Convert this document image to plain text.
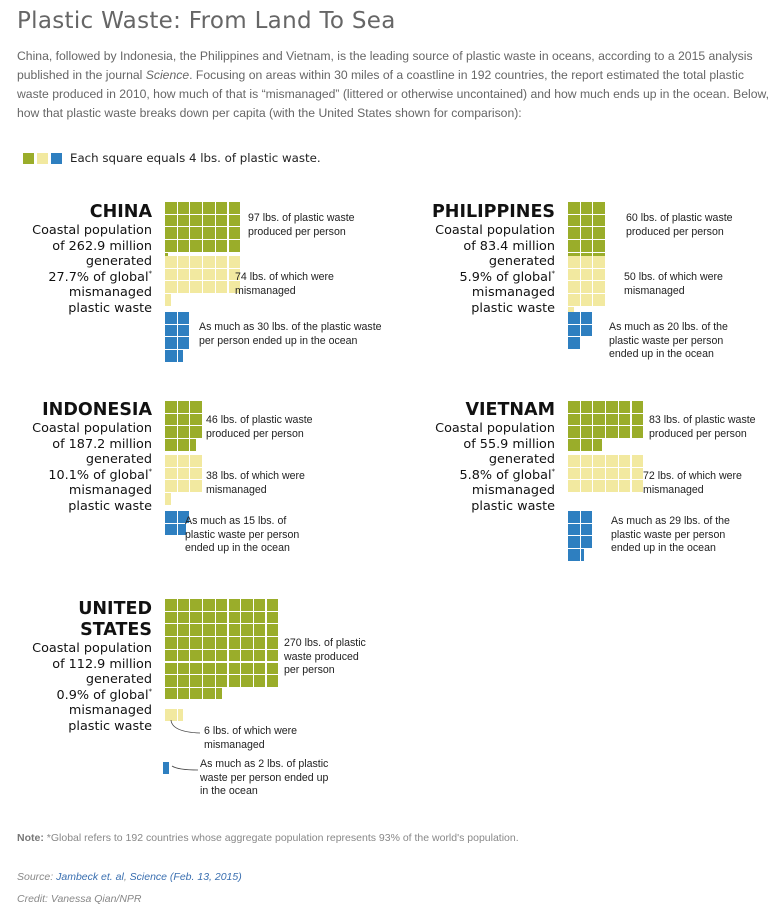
Plastic Waste: From Land To Sea

China, followed by Indonesia, the Philippines and Vietnam, is the leading source of plastic waste in oceans, according to a 2015 analysis published in the journal Science. Focusing on areas within 30 miles of a coastline in 192 countries, the report estimated the total plastic waste produced in 2010, how much of that is “mismanaged” (littered or otherwise uncontained) and how much ends up in the ocean. Below, how that plastic waste breaks down per capita (with the United States shown for comparison):

Each square equals 4 lbs. of plastic waste.
CHINA
Coastal population
of 262.9 million
generated
27.7% of global*
mismanaged
plastic waste
97 lbs. of plastic waste
produced per person
74 lbs. of which were
mismanaged
As much as 30 lbs. of the plastic waste
per person ended up in the ocean
PHILIPPINES
Coastal population
of 83.4 million
generated
5.9% of global*
mismanaged
plastic waste
60 lbs. of plastic waste
produced per person
50 lbs. of which were
mismanaged
As much as 20 lbs. of the
plastic waste per person
ended up in the ocean
INDONESIA
Coastal population
of 187.2 million
generated
10.1% of global*
mismanaged
plastic waste
46 lbs. of plastic waste
produced per person
38 lbs. of which were
mismanaged
As much as 15 lbs. of
plastic waste per person
ended up in the ocean
VIETNAM
Coastal population
of 55.9 million
generated
5.8% of global*
mismanaged
plastic waste
83 lbs. of plastic waste
produced per person
72 lbs. of which were
mismanaged
As much as 29 lbs. of the
plastic waste per person
ended up in the ocean
UNITED
STATES
Coastal population
of 112.9 million
generated
0.9% of global*
mismanaged
plastic waste
270 lbs. of plastic
waste produced
per person
6 lbs. of which were
mismanaged
As much as 2 lbs. of plastic
waste per person ended up
in the ocean
Note: *Global refers to 192 countries whose aggregate population represents 93% of the world's population.
Source: Jambeck et. al, Science (Feb. 13, 2015)
Credit: Vanessa Qian/NPR
